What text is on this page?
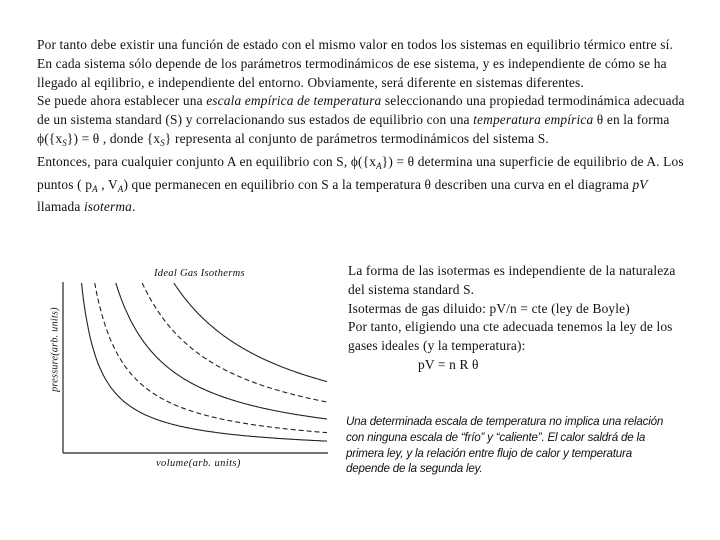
Por tanto debe existir una función de estado con el mismo valor en todos los sistemas en equilibrio térmico entre sí. En cada sistema sólo depende de los parámetros termodinámicos de ese sistema, y es independiente de cómo se ha llegado al eqilibrio, e independiente del entorno. Obviamente, será diferente en sistemas diferentes.

Se puede ahora establecer una escala empírica de temperatura seleccionando una propiedad termodinámica adecuada de un sistema standard (S) y correlacionando sus estados de equilibrio con una temperatura empírica θ en la forma $\phi(\{x_S\}) = \theta$ , donde $\{x_S\}$ representa al conjunto de parámetros termodinámicos del sistema S.

Entonces, para cualquier conjunto A en equilibrio con S, $\phi(\{x_A\}) = \theta$ determina una superficie de equilibrio de A. Los puntos ( $p_A$ , $V_A$) que permanecen en equilibrio con S a la temperatura θ describen una curva en el diagrama pV llamada isoterma.

Ideal Gas Isotherms
pressure(arb. units)
volume(arb. units)

La forma de las isotermas es independiente de la naturaleza del sistema standard S.

Isotermas de gas diluido: pV/n = cte (ley de Boyle)

Por tanto, eligiendo una cte adecuada tenemos la ley de los gases ideales (y la temperatura):

pV = n R θ

Una determinada escala de temperatura no implica una relación con ninguna escala de “frío” y “caliente”. El calor saldrá de la primera ley, y la relación entre flujo de calor y temperatura depende de la segunda ley.
